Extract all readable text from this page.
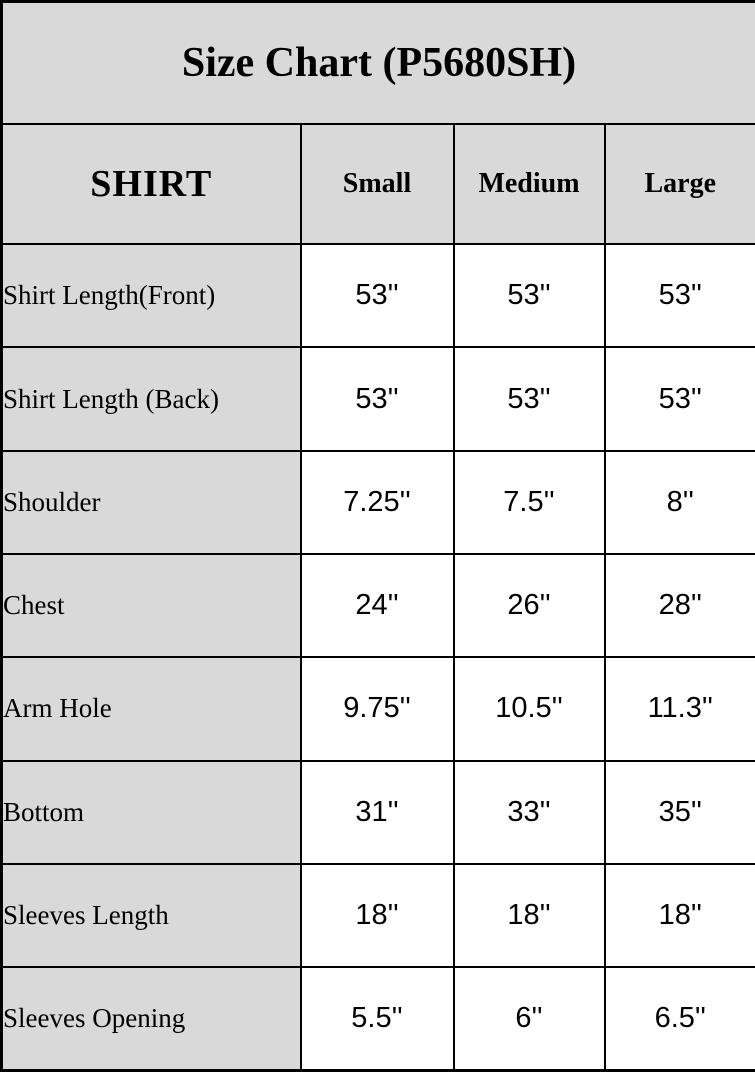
Size Chart (P5680SH)			
SHIRT	Small	Medium	Large
Shirt Length(Front)	53''	53''	53''
Shirt Length (Back)	53''	53''	53''
Shoulder	7.25''	7.5''	8''
Chest	24''	26''	28''
Arm Hole	9.75''	10.5''	11.3''
Bottom	31''	33''	35''
Sleeves Length	18''	18''	18''
Sleeves Opening	5.5''	6''	6.5''
